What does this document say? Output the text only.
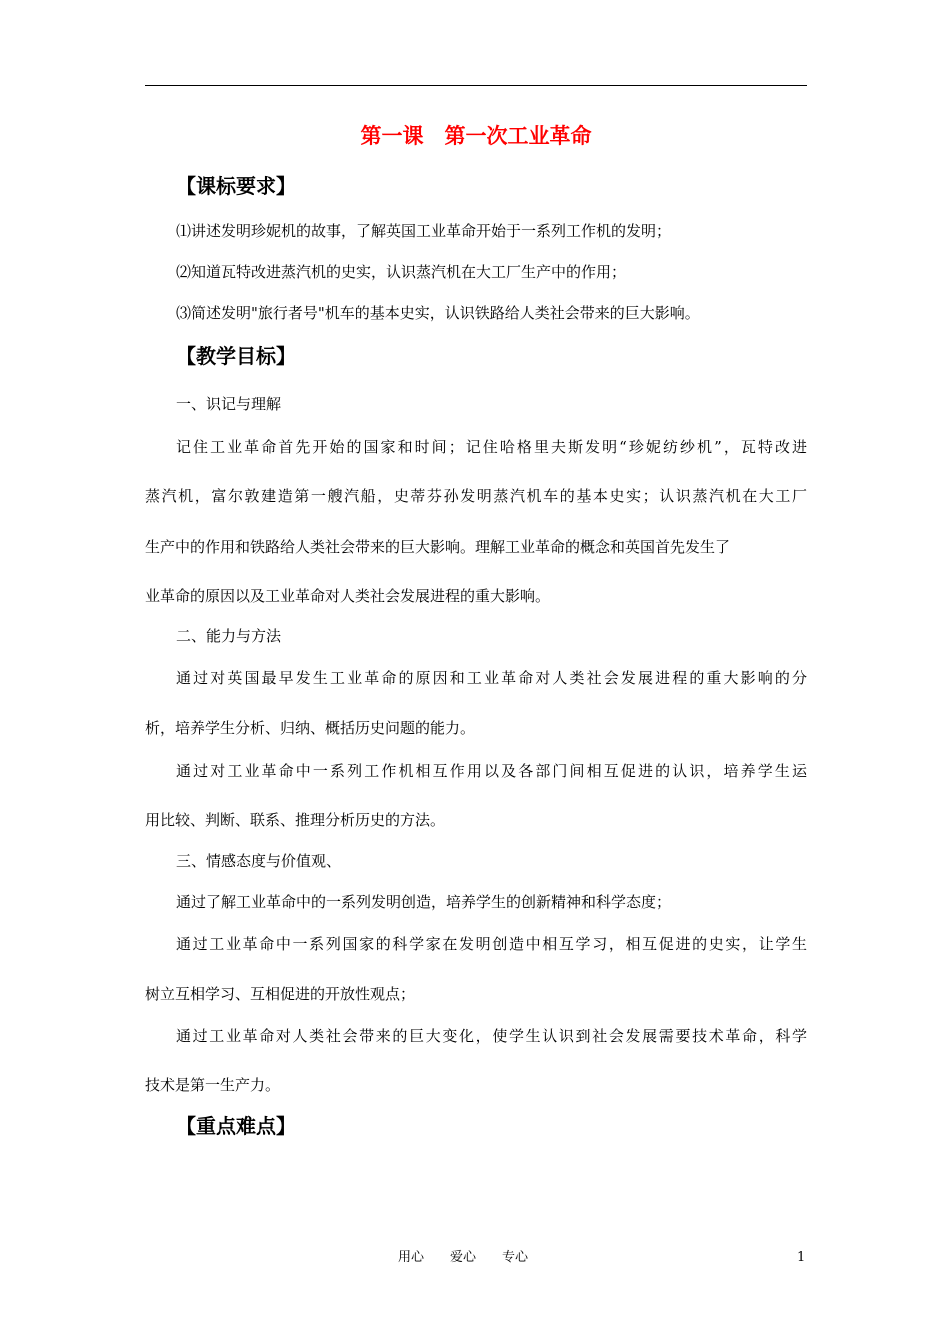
第一课　第一次工业革命
【课标要求】
⑴讲述发明珍妮机的故事，了解英国工业革命开始于一系列工作机的发明；
⑵知道瓦特改进蒸汽机的史实，认识蒸汽机在大工厂生产中的作用；
⑶简述发明"旅行者号"机车的基本史实，认识铁路给人类社会带来的巨大影响。
【教学目标】
一、识记与理解
记住工业革命首先开始的国家和时间；记住哈格里夫斯发明“珍妮纺纱机”，瓦特改进
蒸汽机，富尔敦建造第一艘汽船，史蒂芬孙发明蒸汽机车的基本史实；认识蒸汽机在大工厂
生产中的作用和铁路给人类社会带来的巨大影响。理解工业革命的概念和英国首先发生了
业革命的原因以及工业革命对人类社会发展进程的重大影响。
二、能力与方法
通过对英国最早发生工业革命的原因和工业革命对人类社会发展进程的重大影响的分
析，培养学生分析、归纳、概括历史问题的能力。
通过对工业革命中一系列工作机相互作用以及各部门间相互促进的认识，培养学生运
用比较、判断、联系、推理分析历史的方法。
三、情感态度与价值观、
通过了解工业革命中的一系列发明创造，培养学生的创新精神和科学态度；
通过工业革命中一系列国家的科学家在发明创造中相互学习，相互促进的史实，让学生
树立互相学习、互相促进的开放性观点；
通过工业革命对人类社会带来的巨大变化，使学生认识到社会发展需要技术革命，科学
技术是第一生产力。
【重点难点】
用心　　爱心　　专心	1
